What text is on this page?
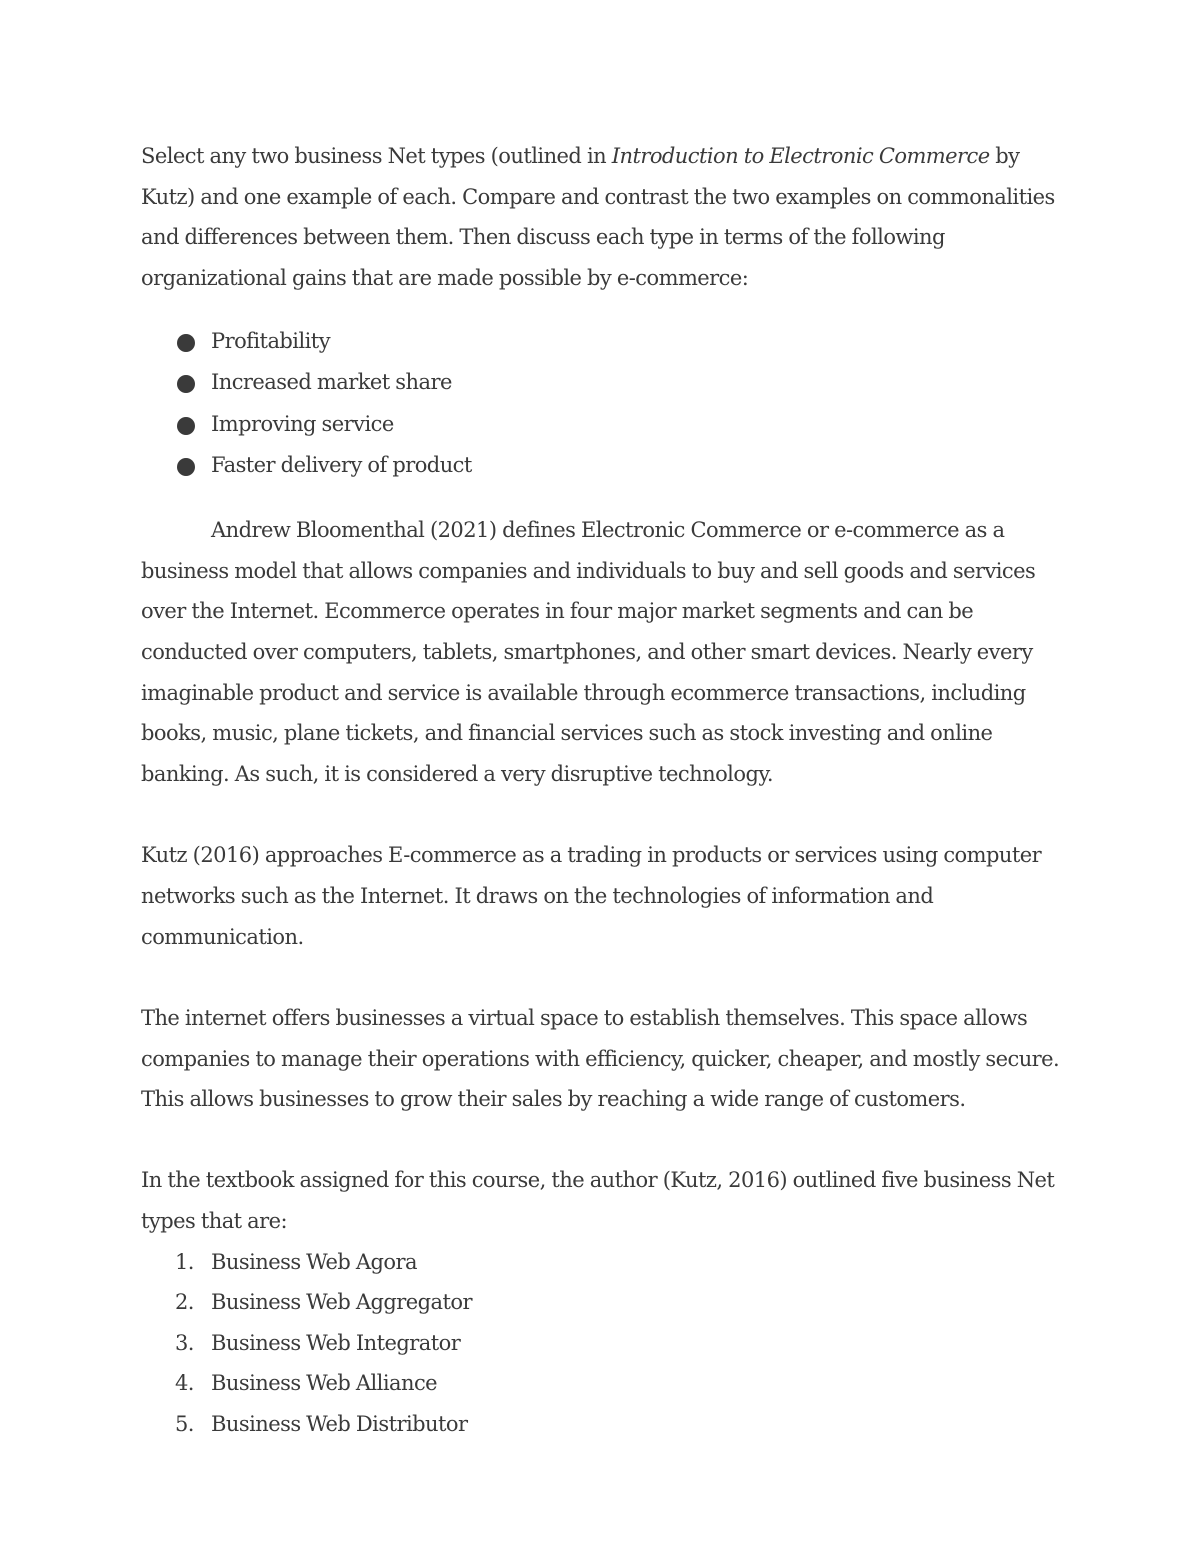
Select any two business Net types (outlined in Introduction to Electronic Commerce by Kutz) and one example of each. Compare and contrast the two examples on commonalities and differences between them. Then discuss each type in terms of the following organizational gains that are made possible by e-commerce:

Profitability
Increased market share
Improving service
Faster delivery of product

Andrew Bloomenthal (2021) defines Electronic Commerce or e-commerce as a business model that allows companies and individuals to buy and sell goods and services over the Internet. Ecommerce operates in four major market segments and can be conducted over computers, tablets, smartphones, and other smart devices. Nearly every imaginable product and service is available through ecommerce transactions, including books, music, plane tickets, and financial services such as stock investing and online banking. As such, it is considered a very disruptive technology.

Kutz (2016) approaches E-commerce as a trading in products or services using computer networks such as the Internet. It draws on the technologies of information and communication.

The internet offers businesses a virtual space to establish themselves. This space allows companies to manage their operations with efficiency, quicker, cheaper, and mostly secure. This allows businesses to grow their sales by reaching a wide range of customers.

In the textbook assigned for this course, the author (Kutz, 2016) outlined five business Net types that are:

1. Business Web Agora
2. Business Web Aggregator
3. Business Web Integrator
4. Business Web Alliance
5. Business Web Distributor
